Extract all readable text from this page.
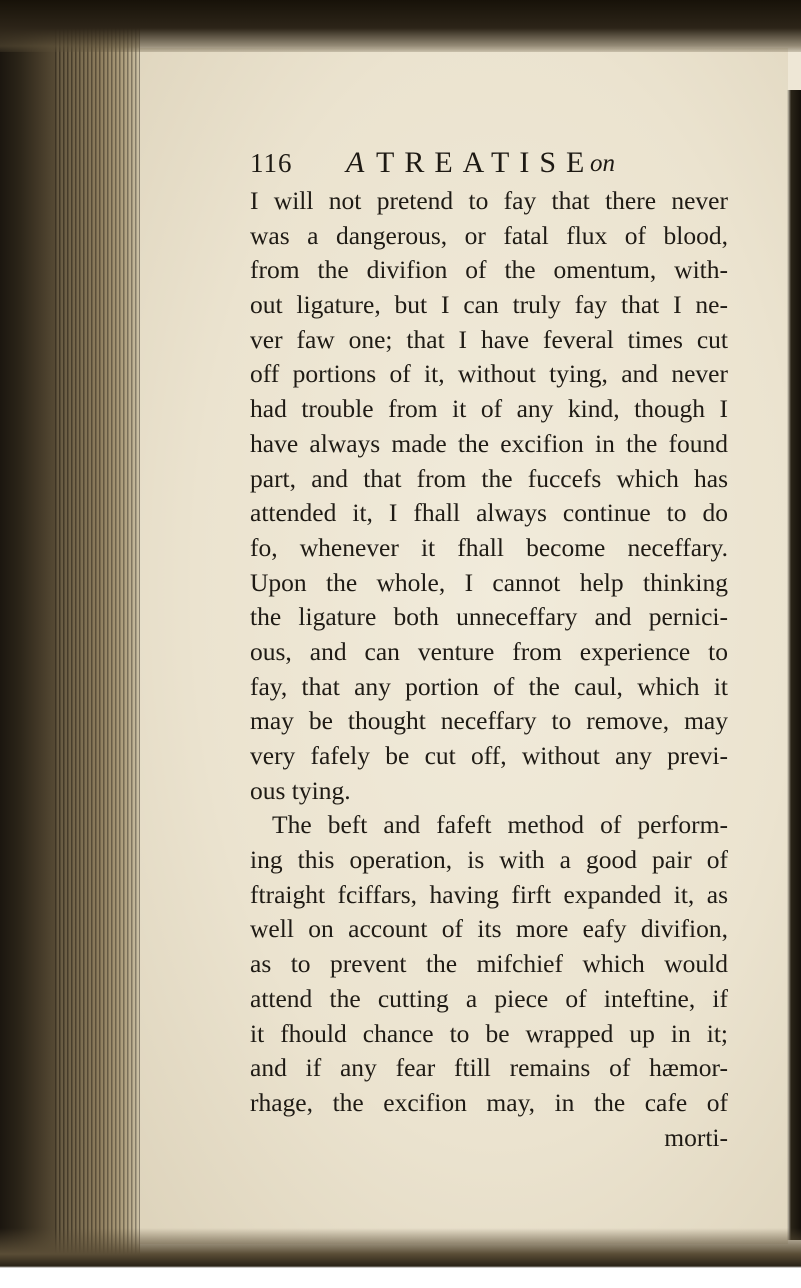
116 A TREATISE
on
I will not pretend to fay that there never
was a dangerous, or fatal flux of blood,
from the divifion of the omentum, with-
out ligature, but I can truly fay that I ne-
ver faw one; that I have feveral times cut
off portions of it, without tying, and never
had trouble from it of any kind, though I
have always made the excifion in the found
part, and that from the fuccefs which has
attended it, I fhall always continue to do
fo, whenever it fhall become neceffary.
Upon the whole, I cannot help thinking
the ligature both unneceffary and pernici-
ous, and can venture from experience to
fay, that any portion of the caul, which it
may be thought neceffary to remove, may
very fafely be cut off, without any previ-
ous tying.
The beft and fafeft method of perform-
ing this operation, is with a good pair of
ftraight fciffars, having firft expanded it, as
well on account of its more eafy divifion,
as to prevent the mifchief which would
attend the cutting a piece of inteftine, if
it fhould chance to be wrapped up in it;
and if any fear ftill remains of hæmor-
rhage, the excifion may, in the cafe of
morti-
